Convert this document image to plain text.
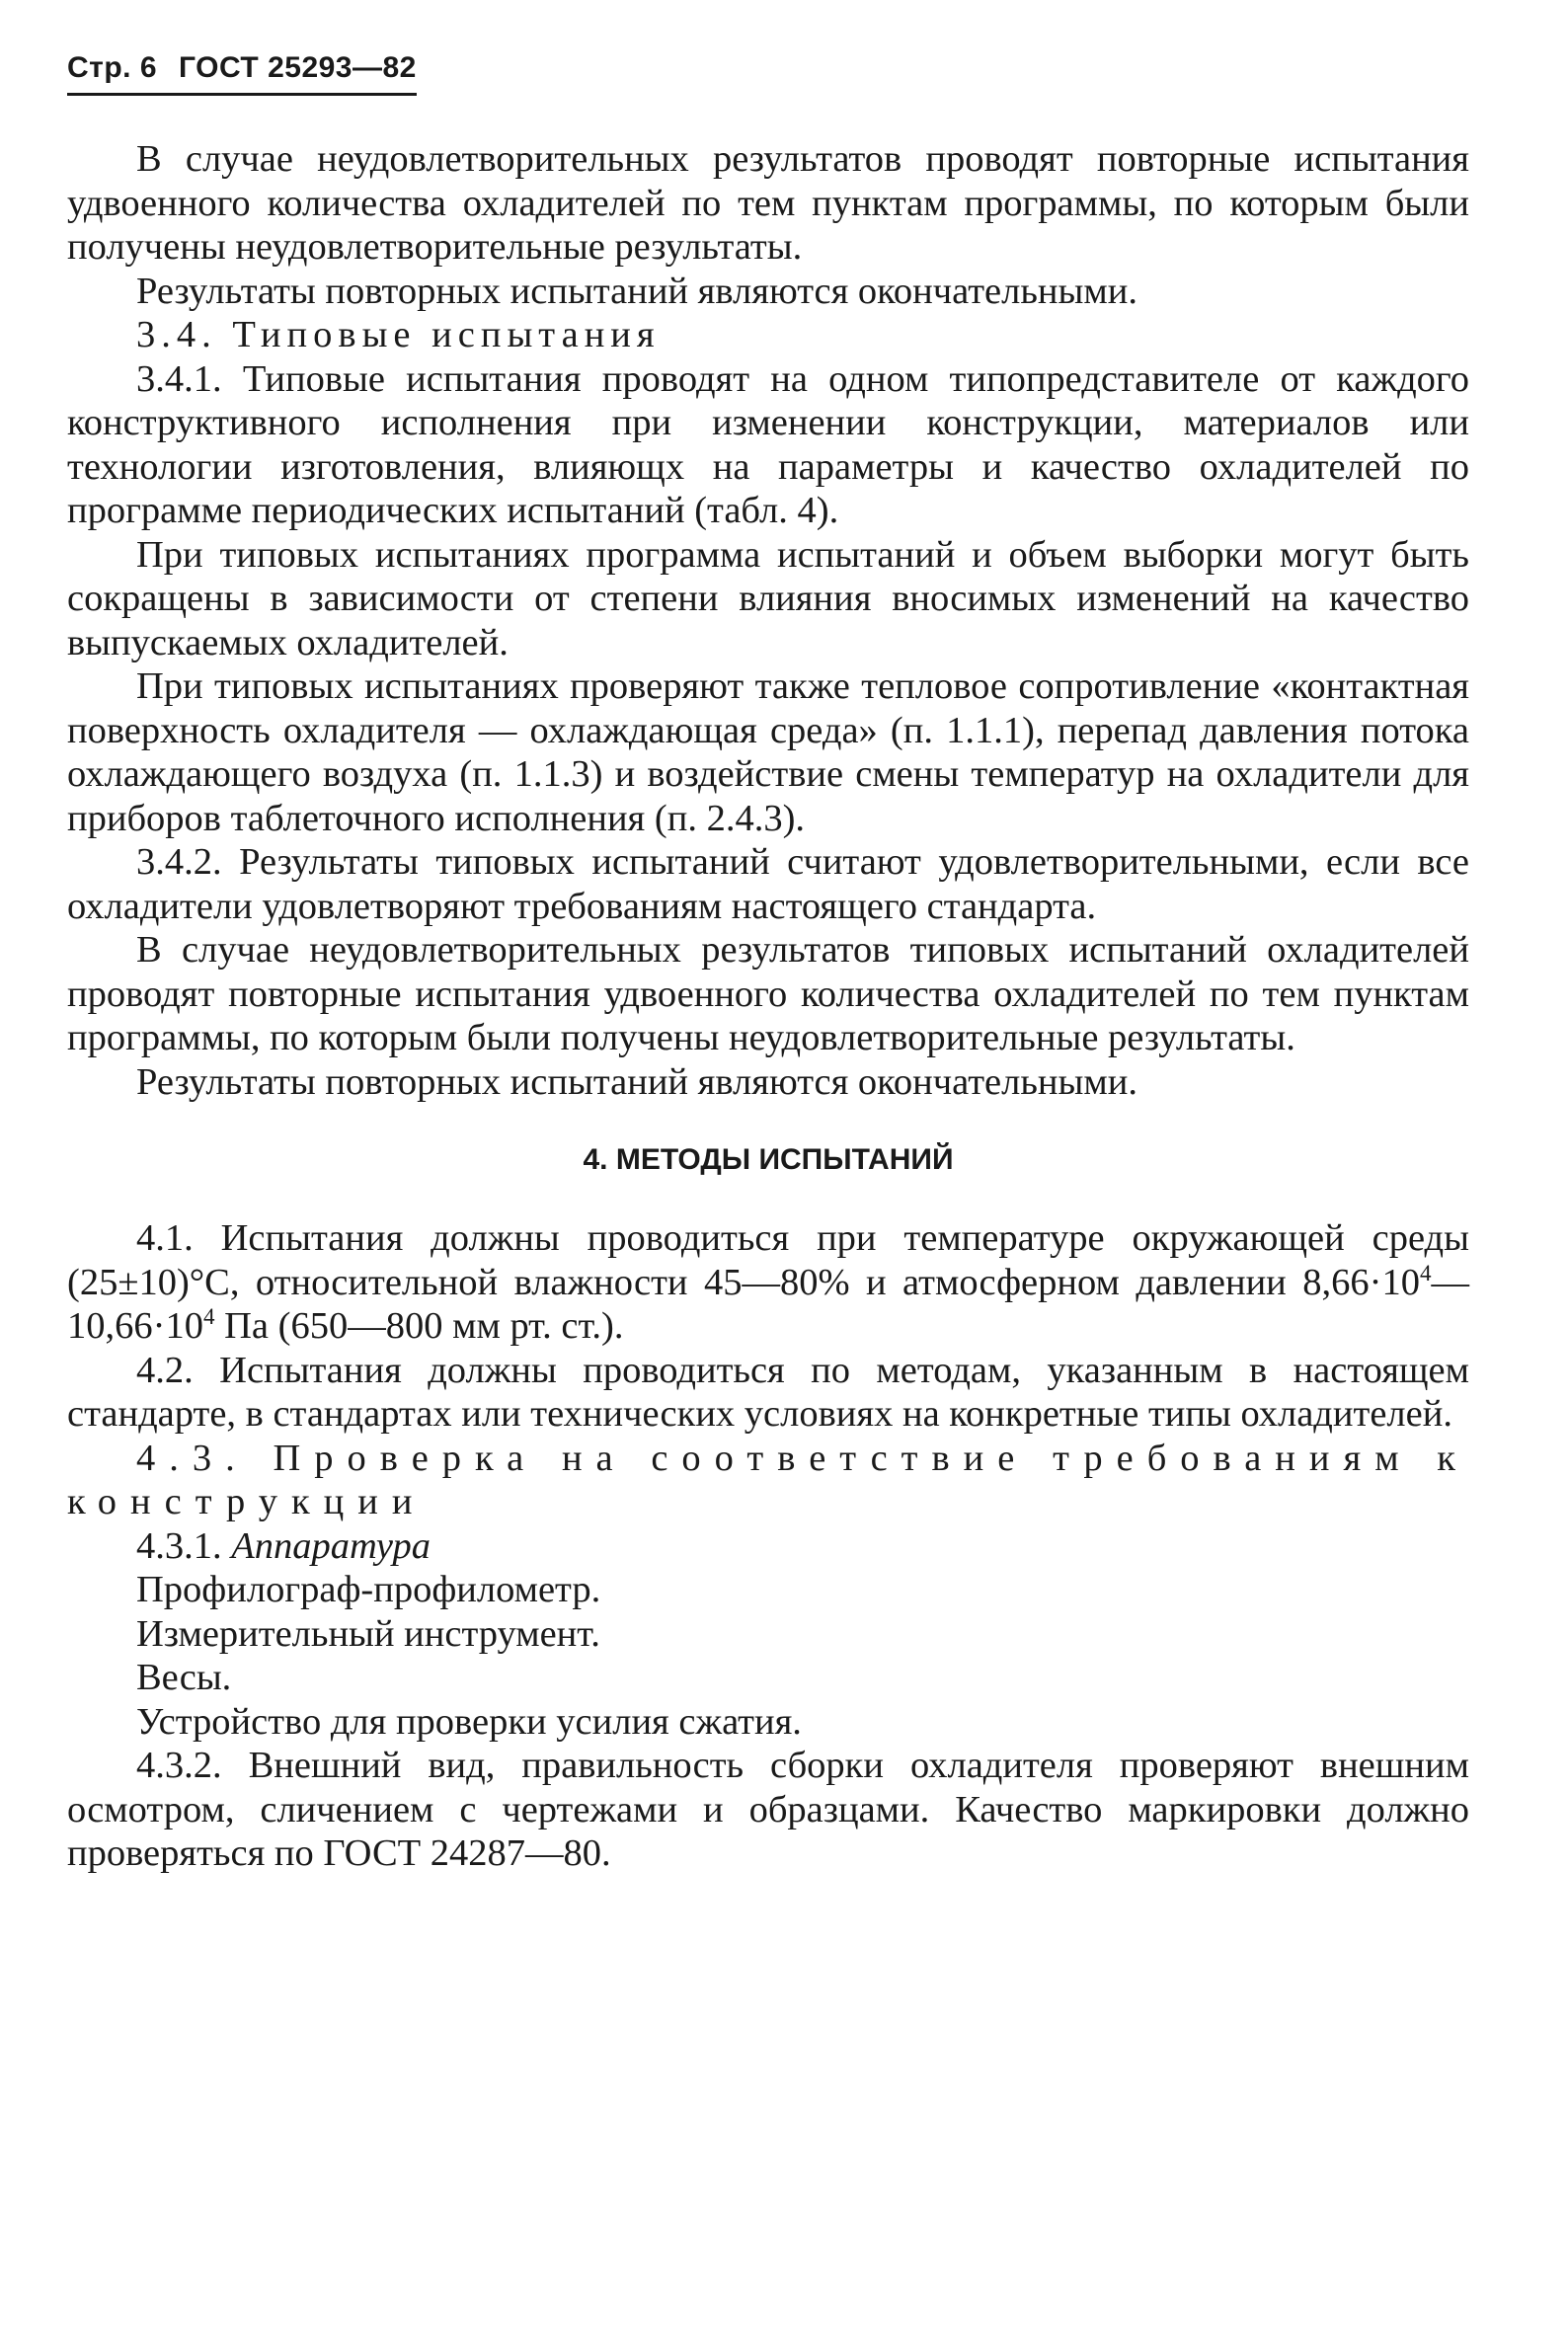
Стр. 6 ГОСТ 25293—82

В случае неудовлетворительных результатов проводят повторные испытания удвоенного количества охладителей по тем пунктам программы, по которым были получены неудовлетворительные результаты.

Результаты повторных испытаний являются окончательными.

3.4. Типовые испытания

3.4.1. Типовые испытания проводят на одном типопредставителе от каждого конструктивного исполнения при изменении конструкции, материалов или технологии изготовления, влияющх на параметры и качество охладителей по программе периодических испытаний (табл. 4).

При типовых испытаниях программа испытаний и объем выборки могут быть сокращены в зависимости от степени влияния вносимых изменений на качество выпускаемых охладителей.

При типовых испытаниях проверяют также тепловое сопротивление «контактная поверхность охладителя — охлаждающая среда» (п. 1.1.1), перепад давления потока охлаждающего воздуха (п. 1.1.3) и воздействие смены температур на охладители для приборов таблеточного исполнения (п. 2.4.3).

3.4.2. Результаты типовых испытаний считают удовлетворительными, если все охладители удовлетворяют требованиям настоящего стандарта.

В случае неудовлетворительных результатов типовых испытаний охладителей проводят повторные испытания удвоенного количества охладителей по тем пунктам программы, по которым были получены неудовлетворительные результаты.

Результаты повторных испытаний являются окончательными.

4. МЕТОДЫ ИСПЫТАНИЙ

4.1. Испытания должны проводиться при температуре окружающей среды (25±10)°С, относительной влажности 45—80% и атмосферном давлении $8,66\cdot 10^4—10,66\cdot 10^4$ Па (650—800 мм рт. ст.).

4.2. Испытания должны проводиться по методам, указанным в настоящем стандарте, в стандартах или технических условиях на конкретные типы охладителей.

4.3. Проверка на соответствие требованиям к

конструкции

4.3.1. Аппаратура

Профилограф-профилометр.

Измерительный инструмент.

Весы.

Устройство для проверки усилия сжатия.

4.3.2. Внешний вид, правильность сборки охладителя проверяют внешним осмотром, сличением с чертежами и образцами. Качество маркировки должно проверяться по ГОСТ 24287—80.
